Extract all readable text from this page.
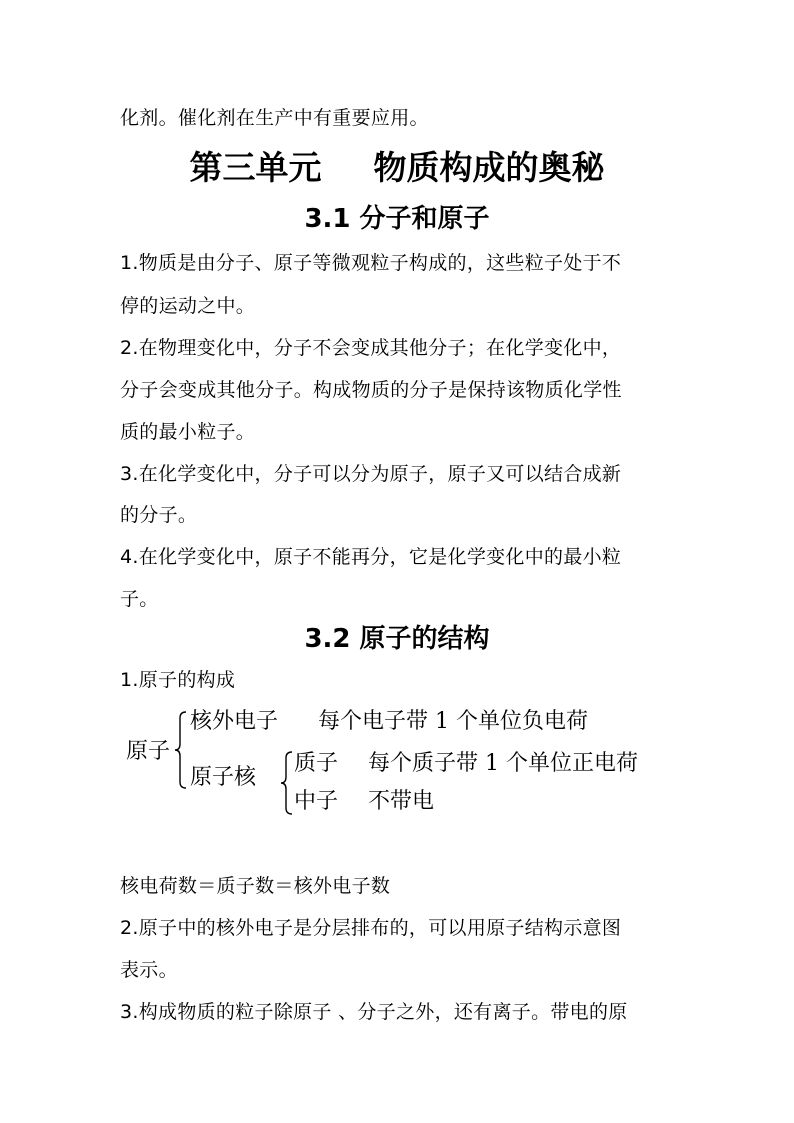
化剂。催化剂在生产中有重要应用。
第三单元 物质构成的奥秘
3.1 分子和原子
1.物质是由分子、原子等微观粒子构成的，这些粒子处于不
停的运动之中。
2.在物理变化中，分子不会变成其他分子；在化学变化中，
分子会变成其他分子。构成物质的分子是保持该物质化学性
质的最小粒子。
3.在化学变化中，分子可以分为原子，原子又可以结合成新
的分子。
4.在化学变化中，原子不能再分，它是化学变化中的最小粒
子。
3.2 原子的结构
1.原子的构成
原子
核外电子 每个电子带 1 个单位负电荷
原子核
质子 每个质子带 1 个单位正电荷
中子 不带电
核电荷数＝质子数＝核外电子数
2.原子中的核外电子是分层排布的，可以用原子结构示意图
表示。
3.构成物质的粒子除原子 、分子之外，还有离子。带电的原
